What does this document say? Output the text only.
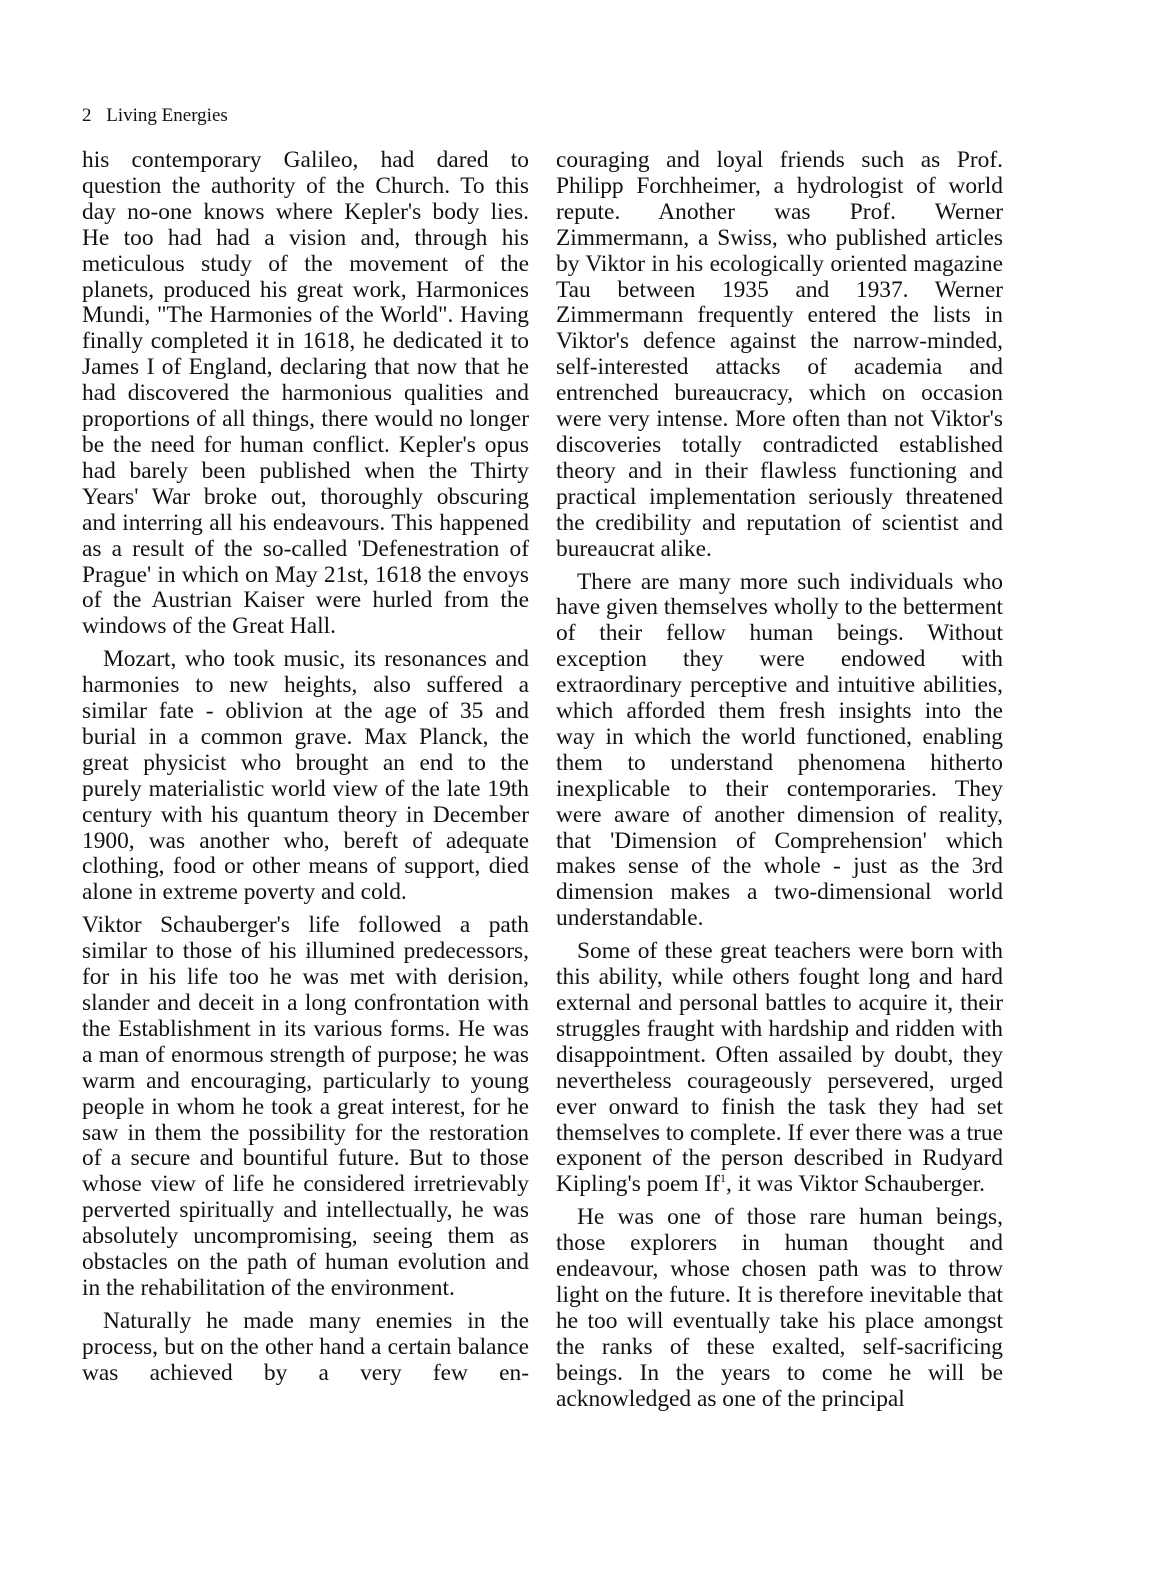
2 Living Energies

his contemporary Galileo, had dared to question the authority of the Church. To this day no-one knows where Kepler's body lies. He too had had a vision and, through his meticulous study of the movement of the planets, produced his great work, Harmonices Mundi, "The Harmonies of the World". Having finally completed it in 1618, he dedicated it to James I of England, declaring that now that he had discovered the harmonious qualities and proportions of all things, there would no longer be the need for human conflict. Kepler's opus had barely been published when the Thirty Years' War broke out, thoroughly obscuring and interring all his endeavours. This happened as a result of the so-called 'Defenestration of Prague' in which on May 21st, 1618 the envoys of the Austrian Kaiser were hurled from the windows of the Great Hall.

Mozart, who took music, its resonances and harmonies to new heights, also suffered a similar fate - oblivion at the age of 35 and burial in a common grave. Max Planck, the great physicist who brought an end to the purely materialistic world view of the late 19th century with his quantum theory in December 1900, was another who, bereft of adequate clothing, food or other means of support, died alone in extreme poverty and cold.

Viktor Schauberger's life followed a path similar to those of his illumined predecessors, for in his life too he was met with derision, slander and deceit in a long confrontation with the Establishment in its various forms. He was a man of enormous strength of purpose; he was warm and encouraging, particularly to young people in whom he took a great interest, for he saw in them the possibility for the restoration of a secure and bountiful future. But to those whose view of life he considered irretrievably perverted spiritually and intellectually, he was absolutely uncompromising, seeing them as obstacles on the path of human evolution and in the rehabilitation of the environment.

Naturally he made many enemies in the process, but on the other hand a certain balance was achieved by a very few en-

couraging and loyal friends such as Prof. Philipp Forchheimer, a hydrologist of world repute. Another was Prof. Werner Zimmermann, a Swiss, who published articles by Viktor in his ecologically oriented magazine Tau between 1935 and 1937. Werner Zimmermann frequently entered the lists in Viktor's defence against the narrow-minded, self-interested attacks of academia and entrenched bureaucracy, which on occasion were very intense. More often than not Viktor's discoveries totally contradicted established theory and in their flawless functioning and practical implementation seriously threatened the credibility and reputation of scientist and bureaucrat alike.

There are many more such individuals who have given themselves wholly to the betterment of their fellow human beings. Without exception they were endowed with extraordinary perceptive and intuitive abilities, which afforded them fresh insights into the way in which the world functioned, enabling them to understand phenomena hitherto inexplicable to their contemporaries. They were aware of another dimension of reality, that 'Dimension of Comprehension' which makes sense of the whole - just as the 3rd dimension makes a two-dimensional world understandable.

Some of these great teachers were born with this ability, while others fought long and hard external and personal battles to acquire it, their struggles fraught with hardship and ridden with disappointment. Often assailed by doubt, they nevertheless courageously persevered, urged ever onward to finish the task they had set themselves to complete. If ever there was a true exponent of the person described in Rudyard Kipling's poem If$^1$, it was Viktor Schauberger.

He was one of those rare human beings, those explorers in human thought and endeavour, whose chosen path was to throw light on the future. It is therefore inevitable that he too will eventually take his place amongst the ranks of these exalted, self-sacrificing beings. In the years to come he will be acknowledged as one of the principal
